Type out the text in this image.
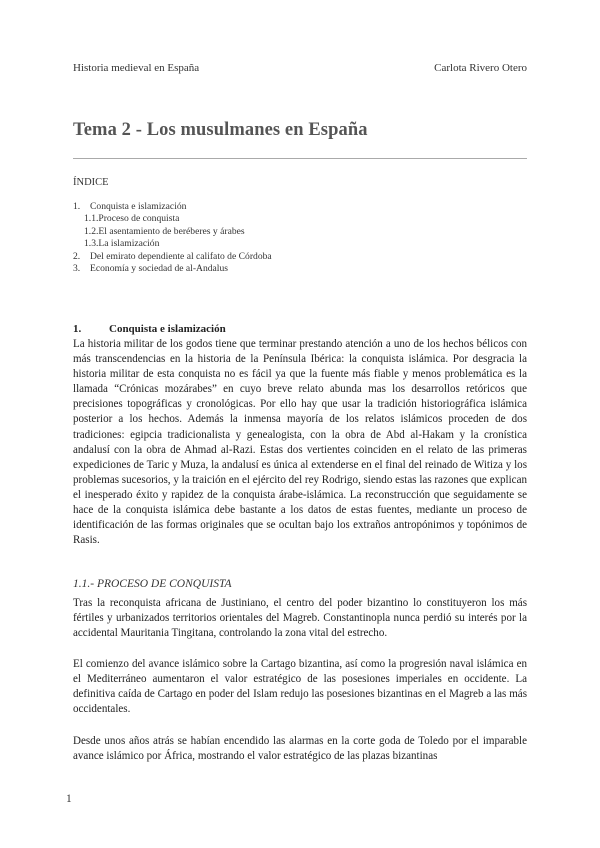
Historia medieval en España	Carlota Rivero Otero
Tema 2 - Los musulmanes en España
ÍNDICE
1. Conquista e islamización
1.1.Proceso de conquista
1.2.El asentamiento de beréberes y árabes
1.3.La islamización
2. Del emirato dependiente al califato de Córdoba
3. Economía y sociedad de al-Andalus
1.	Conquista e islamización

La historia militar de los godos tiene que terminar prestando atención a uno de los hechos bélicos con más transcendencias en la historia de la Península Ibérica: la conquista islámica. Por desgracia la historia militar de esta conquista no es fácil ya que la fuente más fiable y menos problemática es la llamada “Crónicas mozárabes” en cuyo breve relato abunda mas los desarrollos retóricos que precisiones topográficas y cronológicas. Por ello hay que usar la tradición historiográfica islámica posterior a los hechos. Además la inmensa mayoría de los relatos islámicos proceden de dos tradiciones: egipcia tradicionalista y genealogista, con la obra de Abd al-Hakam y la cronística andalusí con la obra de Ahmad al-Razi. Estas dos vertientes coinciden en el relato de las primeras expediciones de Taric y Muza, la andalusí es única al extenderse en el final del reinado de Witiza y los problemas sucesorios, y la traición en el ejército del rey Rodrigo, siendo estas las razones que explican el inesperado éxito y rapidez de la conquista árabe-islámica. La reconstrucción que seguidamente se hace de la conquista islámica debe bastante a los datos de estas fuentes, mediante un proceso de identificación de las formas originales que se ocultan bajo los extraños antropónimos y topónimos de Rasis.

1.1.- PROCESO DE CONQUISTA

Tras la reconquista africana de Justiniano, el centro del poder bizantino lo constituyeron los más fértiles y urbanizados territorios orientales del Magreb. Constantinopla nunca perdió su interés por la accidental Mauritania Tingitana, controlando la zona vital del estrecho.

El comienzo del avance islámico sobre la Cartago bizantina, así como la progresión naval islámica en el Mediterráneo aumentaron el valor estratégico de las posesiones imperiales en occidente. La definitiva caída de Cartago en poder del Islam redujo las posesiones bizantinas en el Magreb a las más occidentales.

Desde unos años atrás se habían encendido las alarmas en la corte goda de Toledo por el imparable avance islámico por África, mostrando el valor estratégico de las plazas bizantinas

1
